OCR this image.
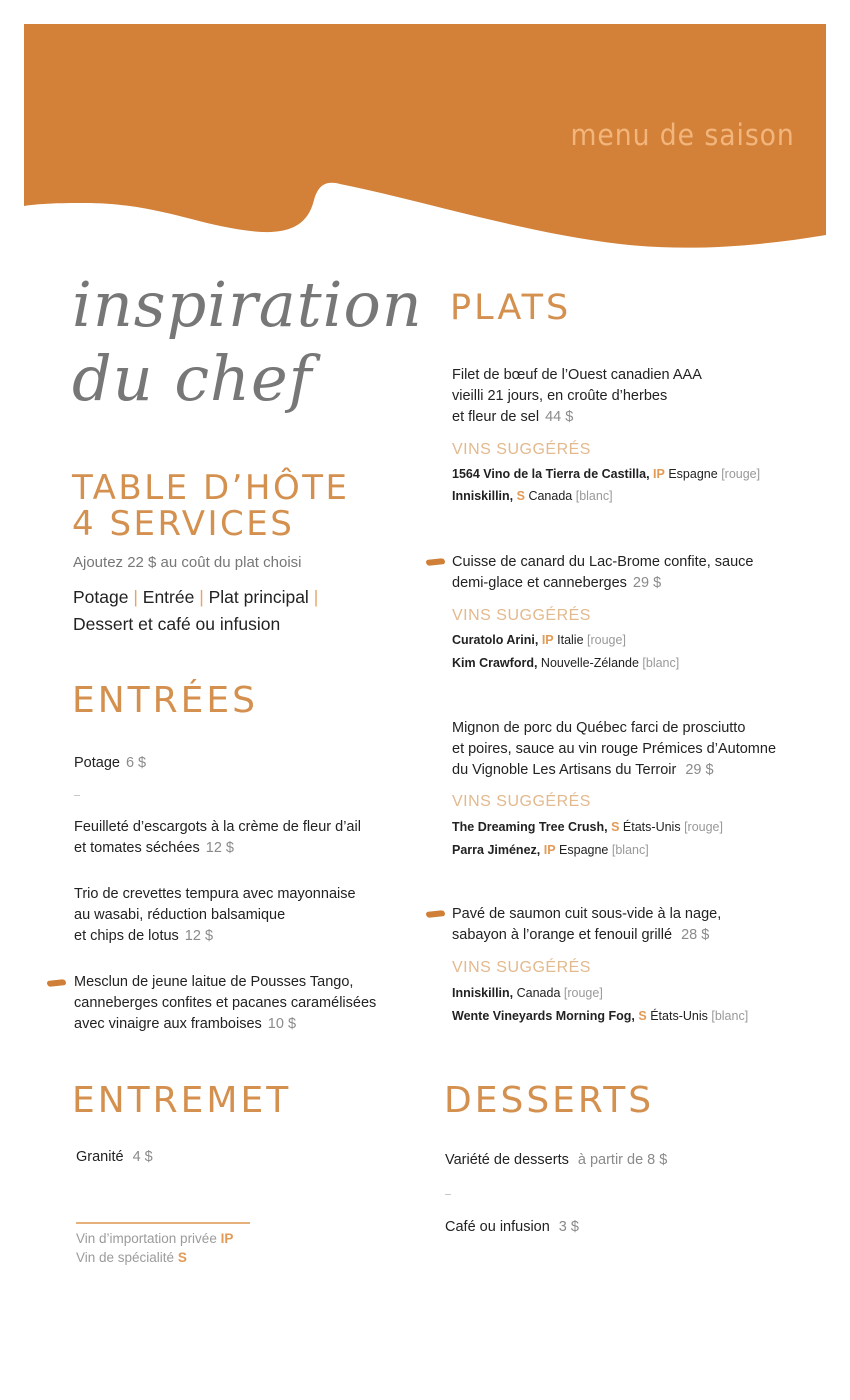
menu de saison
inspiration
du chef
TABLE D’HÔTE
4 SERVICES
Ajoutez 22 $ au coût du plat choisi
Potage | Entrée | Plat principal |
Dessert et café ou infusion
ENTRÉES
Potage 6 $
Feuilleté d’escargots à la crème de fleur d’ail
et tomates séchées 12 $
Trio de crevettes tempura avec mayonnaise
au wasabi, réduction balsamique
et chips de lotus 12 $
Mesclun de jeune laitue de Pousses Tango,
canneberges confites et pacanes caramélisées
avec vinaigre aux framboises 10 $
ENTREMET
Granité 4 $
Vin d’importation privée IP
Vin de spécialité S
PLATS
Filet de bœuf de l’Ouest canadien AAA
vieilli 21 jours, en croûte d’herbes
et fleur de sel 44 $
VINS SUGGÉRÉS
1564 Vino de la Tierra de Castilla, IP Espagne [rouge]
Inniskillin, S Canada [blanc]
Cuisse de canard du Lac-Brome confite, sauce
demi-glace et canneberges 29 $
VINS SUGGÉRÉS
Curatolo Arini, IP Italie [rouge]
Kim Crawford, Nouvelle-Zélande [blanc]
Mignon de porc du Québec farci de prosciutto
et poires, sauce au vin rouge Prémices d’Automne
du Vignoble Les Artisans du Terroir 29 $
VINS SUGGÉRÉS
The Dreaming Tree Crush, S États-Unis [rouge]
Parra Jiménez, IP Espagne [blanc]
Pavé de saumon cuit sous-vide à la nage,
sabayon à l’orange et fenouil grillé 28 $
VINS SUGGÉRÉS
Inniskillin, Canada [rouge]
Wente Vineyards Morning Fog, S États-Unis [blanc]
DESSERTS
Variété de desserts à partir de 8 $
Café ou infusion 3 $
